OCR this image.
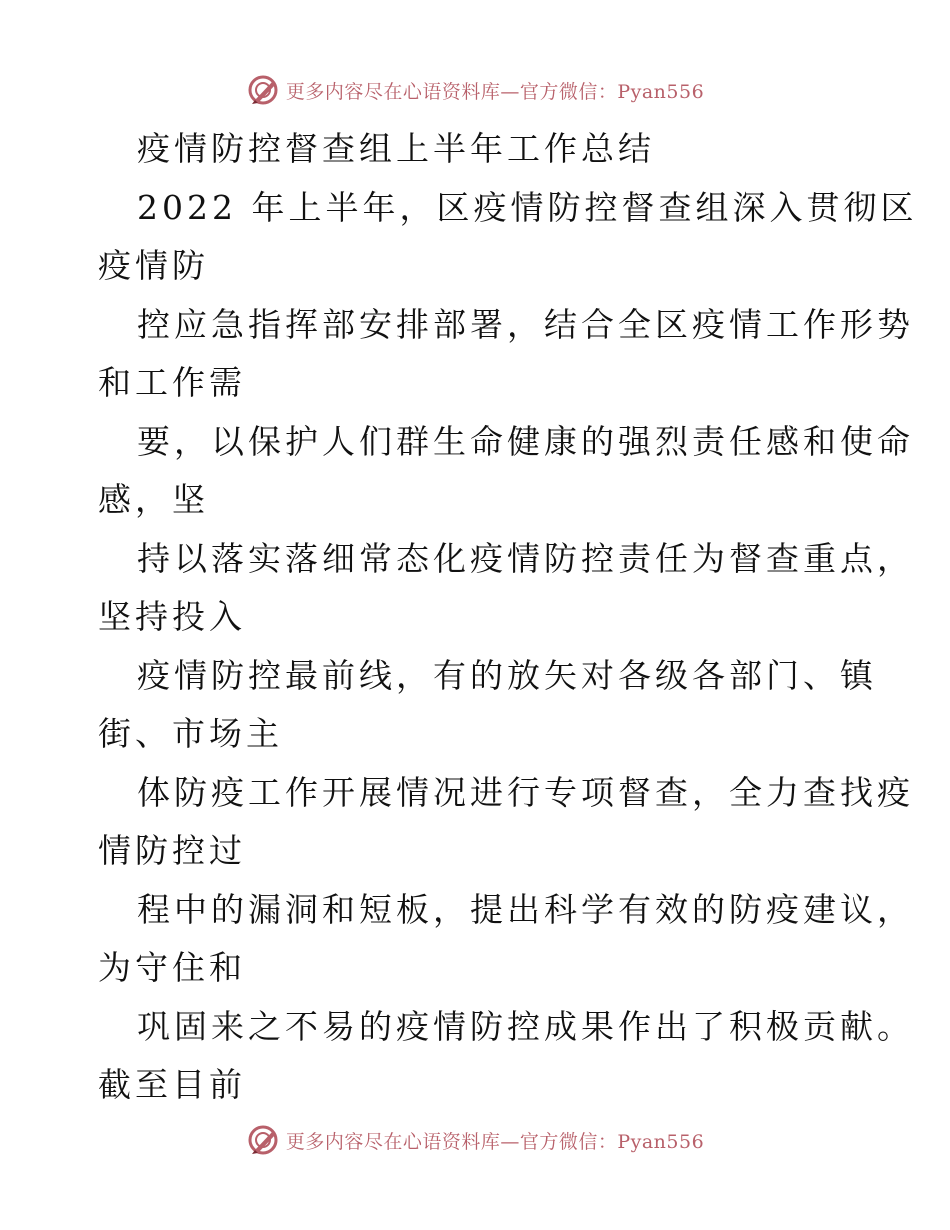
更多内容尽在心语资料库—官方微信：Pyan556
疫情防控督查组上半年工作总结
2022 年上半年，区疫情防控督查组深入贯彻区
疫情防
控应急指挥部安排部署，结合全区疫情工作形势
和工作需
要，以保护人们群生命健康的强烈责任感和使命
感，坚
持以落实落细常态化疫情防控责任为督查重点，
坚持投入
疫情防控最前线，有的放矢对各级各部门、镇
街、市场主
体防疫工作开展情况进行专项督查，全力查找疫
情防控过
程中的漏洞和短板，提出科学有效的防疫建议，
为守住和
巩固来之不易的疫情防控成果作出了积极贡献。
截至目前
更多内容尽在心语资料库—官方微信：Pyan556
